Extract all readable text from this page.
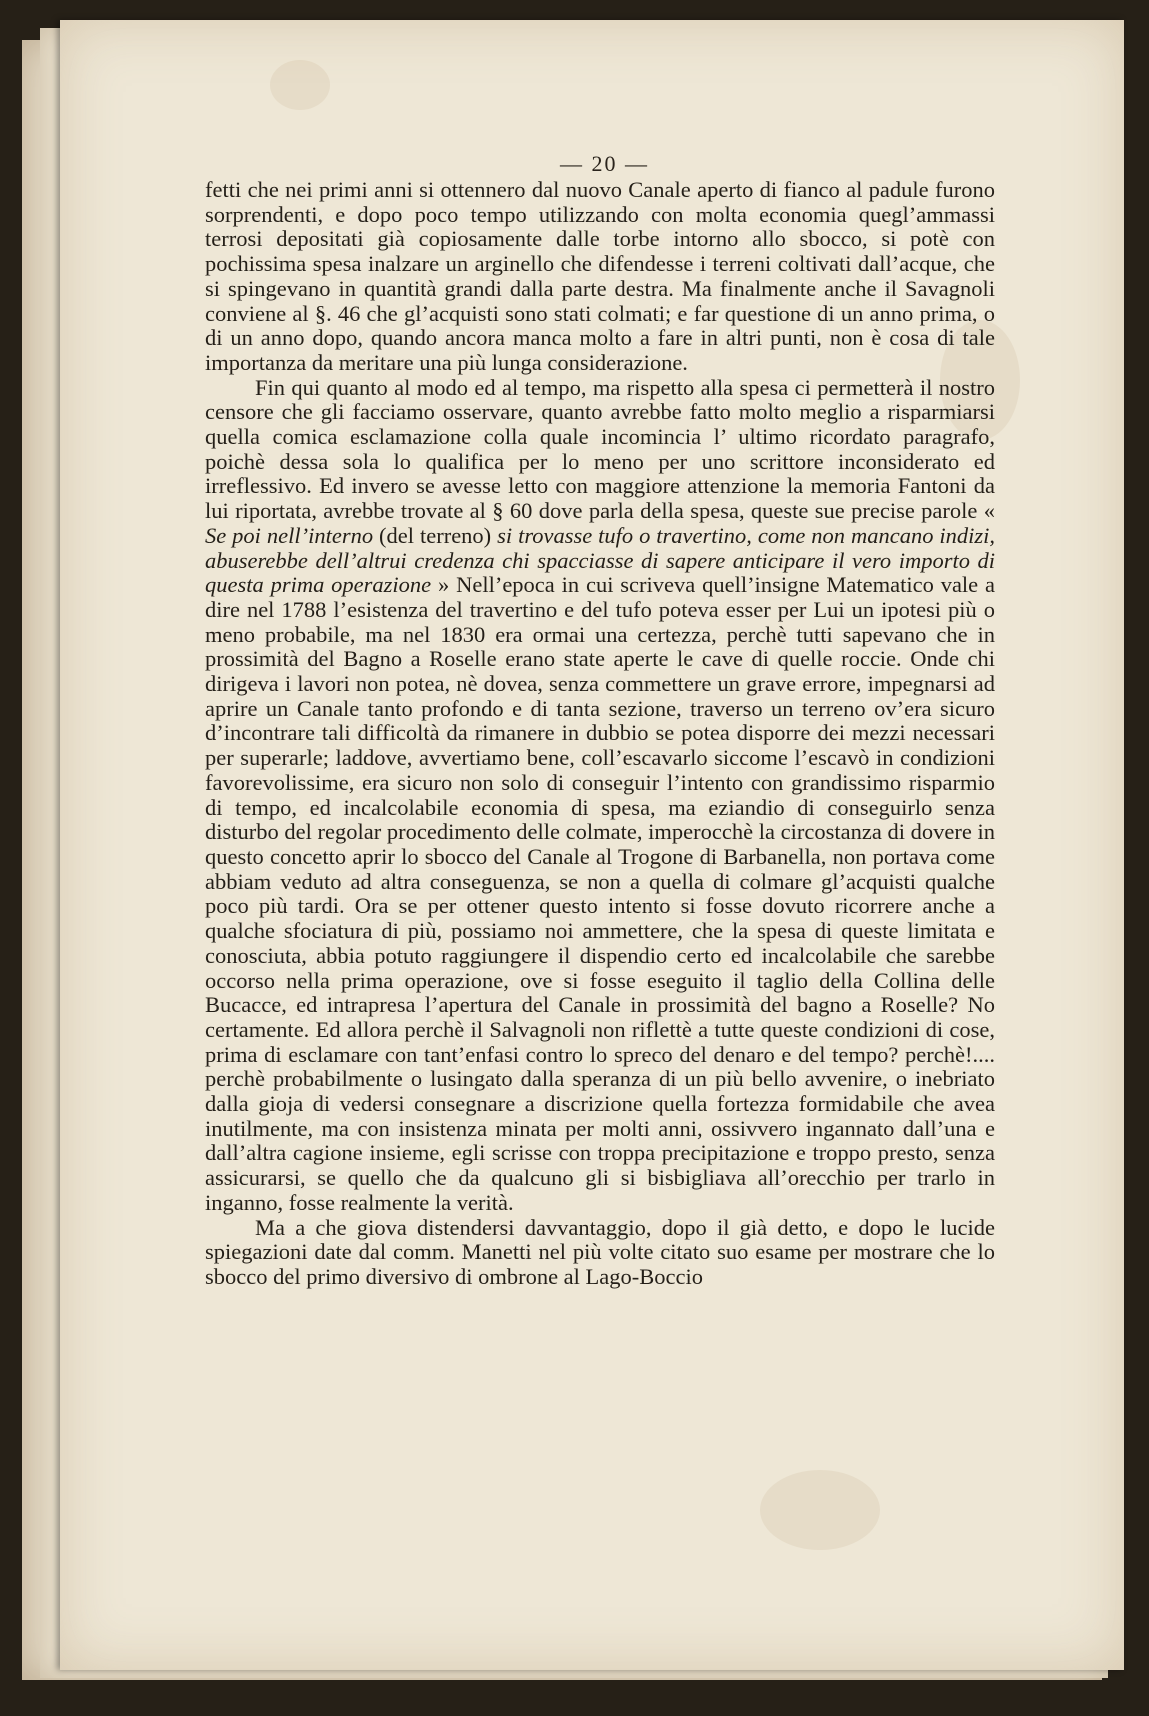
— 20 —

fetti che nei primi anni si ottennero dal nuovo Canale aperto di fianco al padule furono sorprendenti, e dopo poco tempo utilizzando con molta economia quegl’ammassi terrosi depositati già copiosamente dalle torbe intorno allo sbocco, si potè con pochissima spesa inalzare un arginello che difendesse i terreni coltivati dall’acque, che si spingevano in quantità grandi dalla parte destra. Ma finalmente anche il Savagnoli conviene al §. 46 che gl’acquisti sono stati colmati; e far questione di un anno prima, o di un anno dopo, quando ancora manca molto a fare in altri punti, non è cosa di tale importanza da meritare una più lunga considerazione.

Fin qui quanto al modo ed al tempo, ma rispetto alla spesa ci permetterà il nostro censore che gli facciamo osservare, quanto avrebbe fatto molto meglio a risparmiarsi quella comica esclamazione colla quale incomincia l’ ultimo ricordato paragrafo, poichè dessa sola lo qualifica per lo meno per uno scrittore inconsiderato ed irreflessivo. Ed invero se avesse letto con maggiore attenzione la memoria Fantoni da lui riportata, avrebbe trovate al § 60 dove parla della spesa, queste sue precise parole « Se poi nell’interno (del terreno) si trovasse tufo o travertino, come non mancano indizi, abuserebbe dell’altrui credenza chi spacciasse di sapere anticipare il vero importo di questa prima operazione » Nell’epoca in cui scriveva quell’insigne Matematico vale a dire nel 1788 l’esistenza del travertino e del tufo poteva esser per Lui un ipotesi più o meno probabile, ma nel 1830 era ormai una certezza, perchè tutti sapevano che in prossimità del Bagno a Roselle erano state aperte le cave di quelle roccie. Onde chi dirigeva i lavori non potea, nè dovea, senza commettere un grave errore, impegnarsi ad aprire un Canale tanto profondo e di tanta sezione, traverso un terreno ov’era sicuro d’incontrare tali difficoltà da rimanere in dubbio se potea disporre dei mezzi necessari per superarle; laddove, avvertiamo bene, coll’escavarlo siccome l’escavò in condizioni favorevolissime, era sicuro non solo di conseguir l’intento con grandissimo risparmio di tempo, ed incalcolabile economia di spesa, ma eziandio di conseguirlo senza disturbo del regolar procedimento delle colmate, imperocchè la circostanza di dovere in questo concetto aprir lo sbocco del Canale al Trogone di Barbanella, non portava come abbiam veduto ad altra conseguenza, se non a quella di colmare gl’acquisti qualche poco più tardi. Ora se per ottener questo intento si fosse dovuto ricorrere anche a qualche sfociatura di più, possiamo noi ammettere, che la spesa di queste limitata e conosciuta, abbia potuto raggiungere il dispendio certo ed incalcolabile che sarebbe occorso nella prima operazione, ove si fosse eseguito il taglio della Collina delle Bucacce, ed intrapresa l’apertura del Canale in prossimità del bagno a Roselle? No certamente. Ed allora perchè il Salvagnoli non riflettè a tutte queste condizioni di cose, prima di esclamare con tant’enfasi contro lo spreco del denaro e del tempo? perchè!.... perchè probabilmente o lusingato dalla speranza di un più bello avvenire, o inebriato dalla gioja di vedersi consegnare a discrizione quella fortezza formidabile che avea inutilmente, ma con insistenza minata per molti anni, ossivvero ingannato dall’una e dall’altra cagione insieme, egli scrisse con troppa precipitazione e troppo presto, senza assicurarsi, se quello che da qualcuno gli si bisbigliava all’orecchio per trarlo in inganno, fosse realmente la verità.

Ma a che giova distendersi davvantaggio, dopo il già detto, e dopo le lucide spiegazioni date dal comm. Manetti nel più volte citato suo esame per mostrare che lo sbocco del primo diversivo di ombrone al Lago-Boccio
